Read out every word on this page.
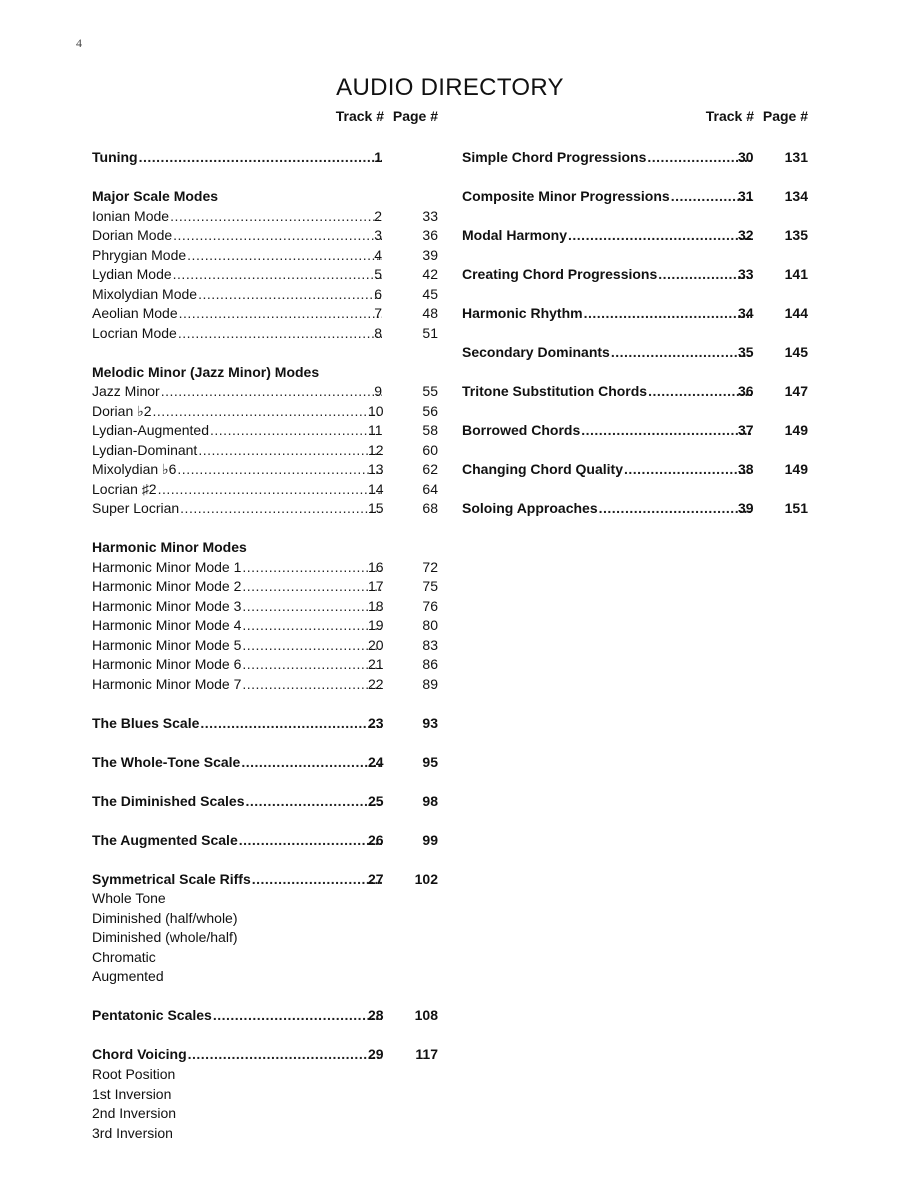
4
AUDIO DIRECTORY
Track # Page #
Tuning .....	1
Major Scale Modes
Ionian Mode .....	2	33
Dorian Mode .....	3	36
Phrygian Mode .....	4	39
Lydian Mode .....	5	42
Mixolydian Mode .....	6	45
Aeolian Mode .....	7	48
Locrian Mode .....	8	51
Melodic Minor (Jazz Minor) Modes
Jazz Minor .....	9	55
Dorian ♭2 .....	10	56
Lydian-Augmented .....	11	58
Lydian-Dominant .....	12	60
Mixolydian ♭6 .....	13	62
Locrian ♯2 .....	14	64
Super Locrian .....	15	68
Harmonic Minor Modes
Harmonic Minor Mode 1 .....	16	72
Harmonic Minor Mode 2 .....	17	75
Harmonic Minor Mode 3 .....	18	76
Harmonic Minor Mode 4 .....	19	80
Harmonic Minor Mode 5 .....	20	83
Harmonic Minor Mode 6 .....	21	86
Harmonic Minor Mode 7 .....	22	89
The Blues Scale .....	23	93
The Whole-Tone Scale .....	24	95
The Diminished Scales .....	25	98
The Augmented Scale .....	26	99
Symmetrical Scale Riffs .....	27	102
Whole Tone
Diminished (half/whole)
Diminished (whole/half)
Chromatic
Augmented
Pentatonic Scales .....	28	108
Chord Voicing .....	29	117
Root Position
1st Inversion
2nd Inversion
3rd Inversion
Track # Page #
Simple Chord Progressions .....	30	131
Composite Minor Progressions .....	31	134
Modal Harmony .....	32	135
Creating Chord Progressions .....	33	141
Harmonic Rhythm .....	34	144
Secondary Dominants .....	35	145
Tritone Substitution Chords .....	36	147
Borrowed Chords .....	37	149
Changing Chord Quality .....	38	149
Soloing Approaches .....	39	151
